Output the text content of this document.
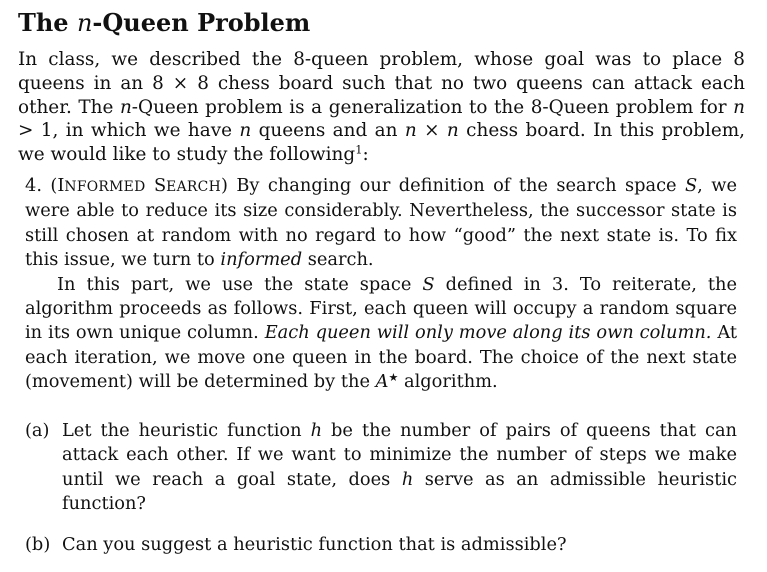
The n-Queen Problem
In class, we described the 8-queen problem, whose goal was to place 8 queens in an 8 × 8 chess board such that no two queens can attack each other. The n-Queen problem is a generalization to the 8-Queen problem for n > 1, in which we have n queens and an n × n chess board. In this problem, we would like to study the following$^1$:

4. (INFORMED SEARCH) By changing our definition of the search space S, we were able to reduce its size considerably. Nevertheless, the successor state is still chosen at random with no regard to how “good” the next state is. To fix this issue, we turn to informed search.

In this part, we use the state space S defined in 3. To reiterate, the algorithm proceeds as follows. First, each queen will occupy a random square in its own unique column. Each queen will only move along its own column. At each iteration, we move one queen in the board. The choice of the next state (movement) will be determined by the A★ algorithm.

(a) Let the heuristic function h be the number of pairs of queens that can attack each other. If we want to minimize the number of steps we make until we reach a goal state, does h serve as an admissible heuristic function?
(b) Can you suggest a heuristic function that is admissible?
